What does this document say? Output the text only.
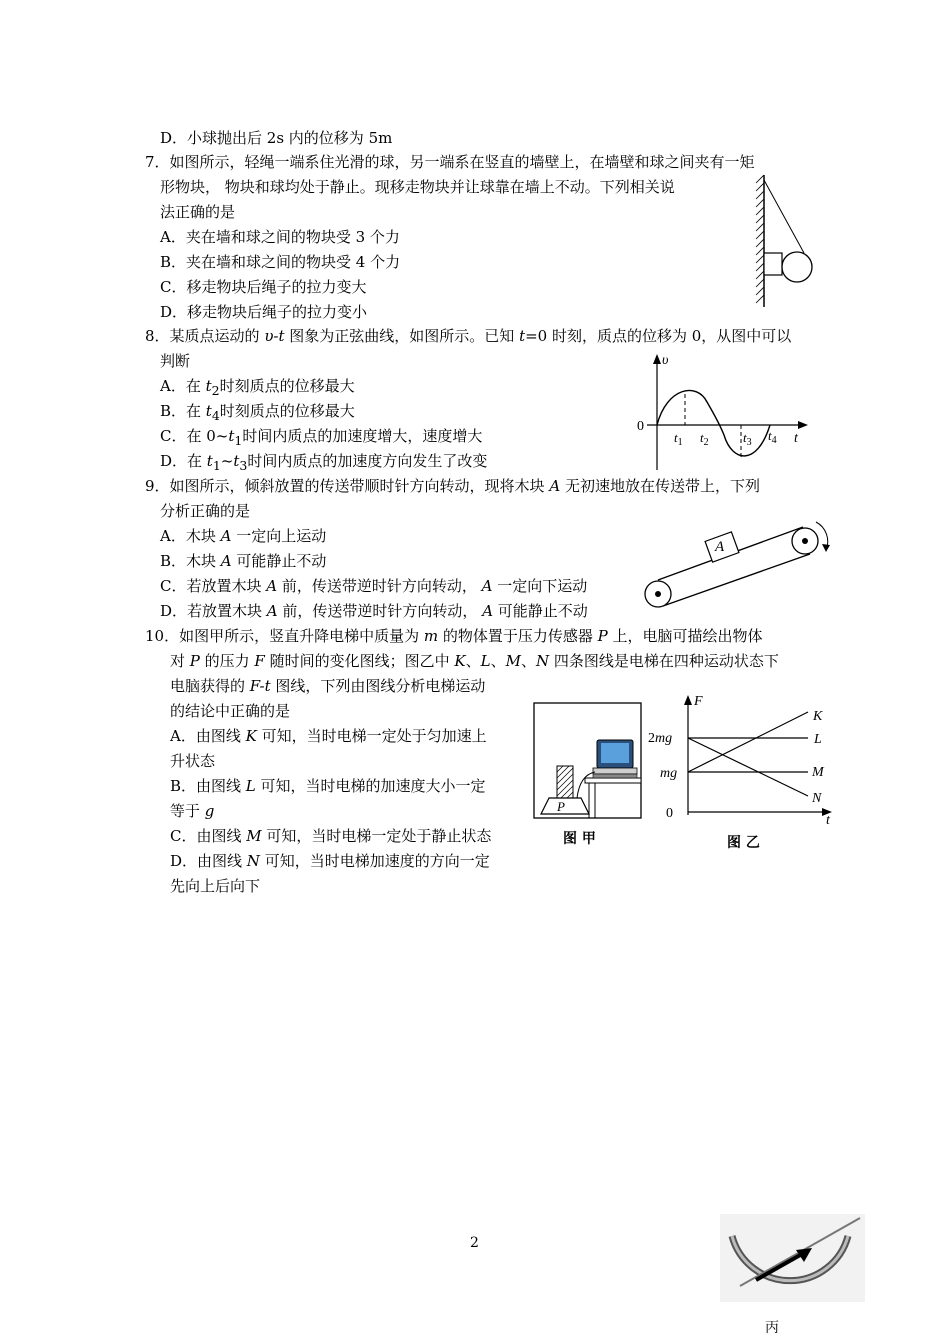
D．小球抛出后 2s 内的位移为 5m
7．如图所示，轻绳一端系住光滑的球，另一端系在竖直的墙壁上，在墙壁和球之间夹有一矩
形物块， 物块和球均处于静止。现移走物块并让球靠在墙上不动。下列相关说
法正确的是
A．夹在墙和球之间的物块受 3 个力
B．夹在墙和球之间的物块受 4 个力
C．移走物块后绳子的拉力变大
D．移走物块后绳子的拉力变小
8．某质点运动的 υ-t 图象为正弦曲线，如图所示。已知 t=0 时刻，质点的位移为 0，从图中可以
判断
A．在 $t_2$时刻质点的位移最大
B．在 $t_4$时刻质点的位移最大
C．在 $0\sim t_1$时间内质点的加速度增大，速度增大
D．在 $t_1\sim t_3$时间内质点的加速度方向发生了改变
υ
0
t
$t_1$ $t_2$	$t_3$ $t_4$
9．如图所示，倾斜放置的传送带顺时针方向转动，现将木块 A 无初速地放在传送带上，下列
分析正确的是
A．木块 A 一定向上运动
B．木块 A 可能静止不动
C．若放置木块 A 前，传送带逆时针方向转动， A 一定向下运动
D．若放置木块 A 前，传送带逆时针方向转动， A 可能静止不动
A
10．如图甲所示，竖直升降电梯中质量为 m 的物体置于压力传感器 P 上，电脑可描绘出物体
对 P 的压力 F 随时间的变化图线；图乙中 K、L、M、N 四条图线是电梯在四种运动状态下
电脑获得的 F-t 图线，下列由图线分析电梯运动
的结论中正确的是
A．由图线 K 可知，当时电梯一定处于匀加速上
升状态
B．由图线 L 可知，当时电梯的加速度大小一定
等于 g
C．由图线 M 可知，当时电梯一定处于静止状态
D．由图线 N 可知，当时电梯加速度的方向一定
先向上后向下
P
图 甲
F
2mg
mg
0	t
K
L
M
N
图 乙
2
丙
